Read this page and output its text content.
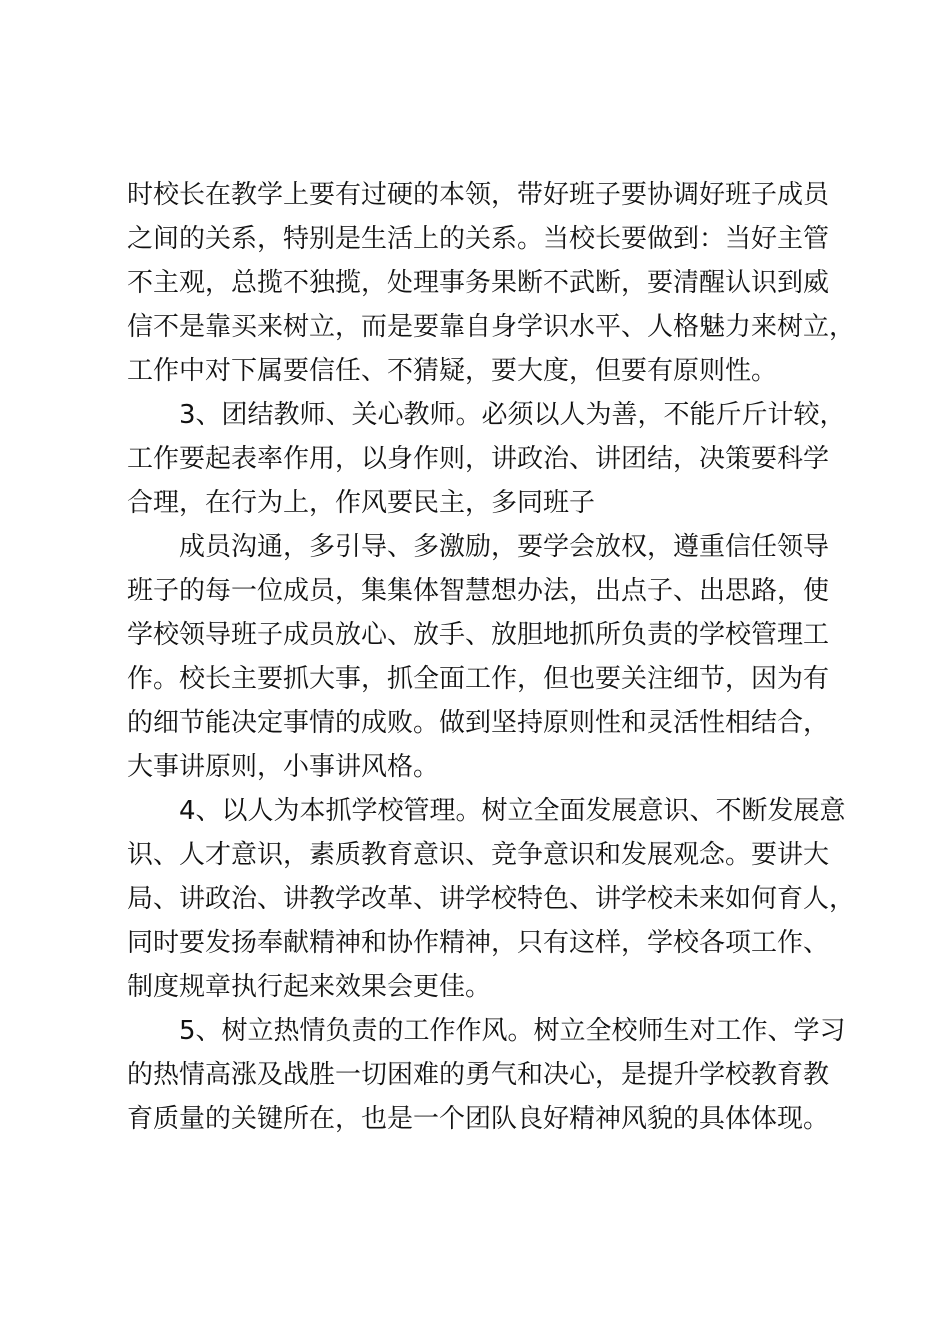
时校长在教学上要有过硬的本领，带好班子要协调好班子成员
之间的关系，特别是生活上的关系。当校长要做到：当好主管
不主观，总揽不独揽，处理事务果断不武断，要清醒认识到威
信不是靠买来树立，而是要靠自身学识水平、人格魅力来树立，
工作中对下属要信任、不猜疑，要大度，但要有原则性。
3、团结教师、关心教师。必须以人为善，不能斤斤计较，
工作要起表率作用，以身作则，讲政治、讲团结，决策要科学
合理，在行为上，作风要民主，多同班子
成员沟通，多引导、多激励，要学会放权，遵重信任领导
班子的每一位成员，集集体智慧想办法，出点子、出思路，使
学校领导班子成员放心、放手、放胆地抓所负责的学校管理工
作。校长主要抓大事，抓全面工作，但也要关注细节，因为有
的细节能决定事情的成败。做到坚持原则性和灵活性相结合，
大事讲原则，小事讲风格。
4、以人为本抓学校管理。树立全面发展意识、不断发展意
识、人才意识，素质教育意识、竞争意识和发展观念。要讲大
局、讲政治、讲教学改革、讲学校特色、讲学校未来如何育人，
同时要发扬奉献精神和协作精神，只有这样，学校各项工作、
制度规章执行起来效果会更佳。
5、树立热情负责的工作作风。树立全校师生对工作、学习
的热情高涨及战胜一切困难的勇气和决心，是提升学校教育教
育质量的关键所在，也是一个团队良好精神风貌的具体体现。
